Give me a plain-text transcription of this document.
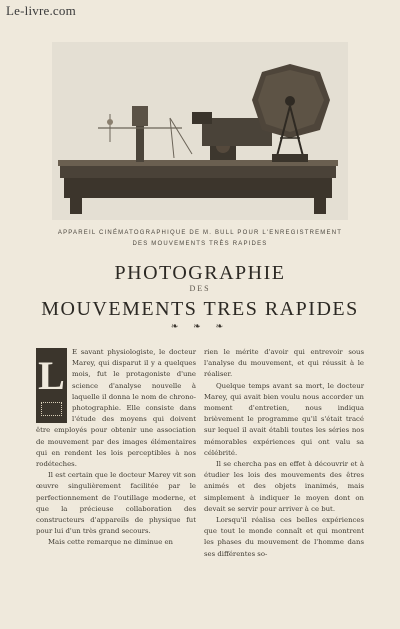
Le-livre.com
APPAREIL CINÉMATOGRAPHIQUE DE M. BULL POUR L'ENREGISTREMENT
DES MOUVEMENTS TRÈS RAPIDES
PHOTOGRAPHIE
DES
MOUVEMENTS TRES RAPIDES
❧ ❧ ❧
L

E savant physiologiste, le docteur Marey, qui disparut il y a quelques mois, fut le protagoniste d'une science d'analyse nouvelle à laquelle il donna le nom de chrono-photographie. Elle consiste dans l'étude des moyens qui doivent être employés pour obtenir une association de mouvement par des images élémentaires qui en rendent les lois perceptibles à nos rodéteches.

Il est certain que le docteur Marey vit son œuvre singulièrement facilitée par le perfectionnement de l'outillage moderne, et que la précieuse collaboration des constructeurs d'appareils de physique fut pour lui d'un très grand secours.

Mais cette remarque ne diminue en

rien le mérite d'avoir qui entrevoir sous l'analyse du mouvement, et qui réussit à le réaliser.

Quelque temps avant sa mort, le docteur Marey, qui avait bien voulu nous accorder un moment d'entretien, nous indiqua brièvement le programme qu'il s'était tracé sur lequel il avait établi toutes les séries nos mémorables expériences qui ont valu sa célébrité.

Il se chercha pas en effet à découvrir et à étudier les lois des mouvements des êtres animés et des objets inanimés, mais simplement à indiquer le moyen dont on devait se servir pour arriver à ce but.

Lorsqu'il réalisa ces belles expériences que tout le monde connaît et qui montrent les phases du mouvement de l'homme dans ses différentes so-
